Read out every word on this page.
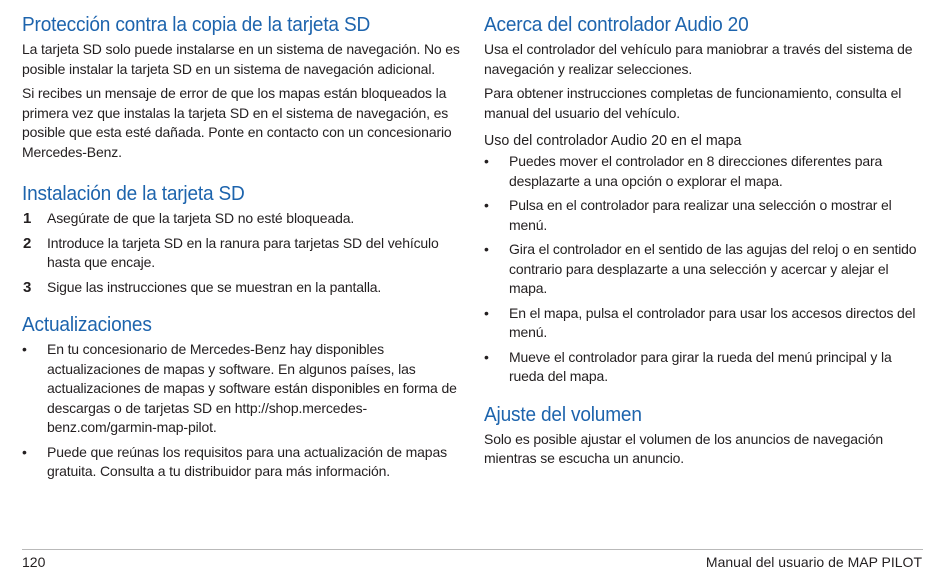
Protección contra la copia de la tarjeta SD

La tarjeta SD solo puede instalarse en un sistema de navegación. No es posible instalar la tarjeta SD en un sistema de navegación adicional.

Si recibes un mensaje de error de que los mapas están bloqueados la primera vez que instalas la tarjeta SD en el sistema de navegación, es posible que esta esté dañada. Ponte en contacto con un concesionario Mercedes-Benz.

Instalación de la tarjeta SD
1 Asegúrate de que la tarjeta SD no esté bloqueada.
2 Introduce la tarjeta SD en la ranura para tarjetas SD del vehículo hasta que encaje.
3 Sigue las instrucciones que se muestran en la pantalla.
Actualizaciones
• En tu concesionario de Mercedes-Benz hay disponibles actualizaciones de mapas y software. En algunos países, las actualizaciones de mapas y software están disponibles en forma de descargas o de tarjetas SD en http://shop.mercedes-benz.com/garmin-map-pilot.
• Puede que reúnas los requisitos para una actualización de mapas gratuita. Consulta a tu distribuidor para más información.
Acerca del controlador Audio 20

Usa el controlador del vehículo para maniobrar a través del sistema de navegación y realizar selecciones.

Para obtener instrucciones completas de funcionamiento, consulta el manual del usuario del vehículo.

Uso del controlador Audio 20 en el mapa
• Puedes mover el controlador en 8 direcciones diferentes para desplazarte a una opción o explorar el mapa.
• Pulsa en el controlador para realizar una selección o mostrar el menú.
• Gira el controlador en el sentido de las agujas del reloj o en sentido contrario para desplazarte a una selección y acercar y alejar el mapa.
• En el mapa, pulsa el controlador para usar los accesos directos del menú.
• Mueve el controlador para girar la rueda del menú principal y la rueda del mapa.
Ajuste del volumen

Solo es posible ajustar el volumen de los anuncios de navegación mientras se escucha un anuncio.

120	Manual del usuario de MAP PILOT
